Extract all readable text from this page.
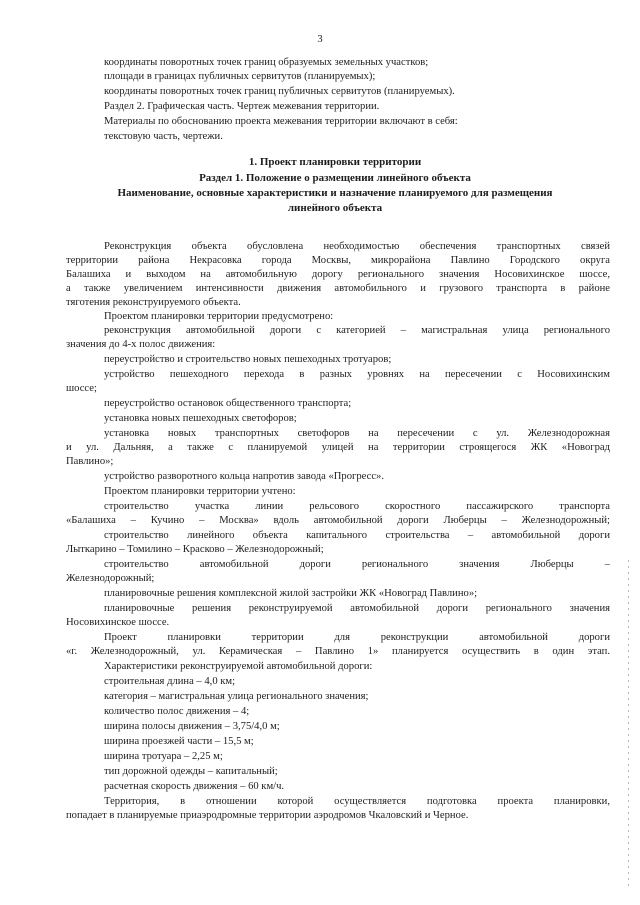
3
координаты поворотных точек границ образуемых земельных участков;
площади в границах публичных сервитутов (планируемых);
координаты поворотных точек границ публичных сервитутов (планируемых).
Раздел 2. Графическая часть. Чертеж межевания территории.
Материалы по обоснованию проекта межевания территории включают в себя:
текстовую часть, чертежи.
1. Проект планировки территории
Раздел 1. Положение о размещении линейного объекта
Наименование, основные характеристики и назначение планируемого для размещения
линейного объекта
Реконструкция объекта обусловлена необходимостью обеспечения транспортных связей
территории района Некрасовка города Москвы, микрорайона Павлино Городского округа
Балашиха и выходом на автомобильную дорогу регионального значения Носовихинское шоссе,
а также увеличением интенсивности движения автомобильного и грузового транспорта в районе
тяготения реконструируемого объекта.
Проектом планировки территории предусмотрено:
реконструкция автомобильной дороги с категорией – магистральная улица регионального
значения до 4-х полос движения:
переустройство и строительство новых пешеходных тротуаров;
устройство пешеходного перехода в разных уровнях на пересечении с Носовихинским
шоссе;
переустройство остановок общественного транспорта;
установка новых пешеходных светофоров;
установка новых транспортных светофоров на пересечении с ул. Железнодорожная
и ул. Дальняя, а также с планируемой улицей на территории строящегося ЖК «Новоград
Павлино»;
устройство разворотного кольца напротив завода «Прогресс».
Проектом планировки территории учтено:
строительство участка линии рельсового скоростного пассажирского транспорта
«Балашиха – Кучино – Москва» вдоль автомобильной дороги Люберцы – Железнодорожный;
строительство линейного объекта капитального строительства – автомобильной дороги
Лыткарино – Томилино – Красково – Железнодорожный;
строительство автомобильной дороги регионального значения Люберцы –
Железнодорожный;
планировочные решения комплексной жилой застройки ЖК «Новоград Павлино»;
планировочные решения реконструируемой автомобильной дороги регионального значения
Носовихинское шоссе.
Проект планировки территории для реконструкции автомобильной дороги
«г. Железнодорожный, ул. Керамическая – Павлино 1» планируется осуществить в один этап.
Характеристики реконструируемой автомобильной дороги:
строительная длина – 4,0 км;
категория – магистральная улица регионального значения;
количество полос движения – 4;
ширина полосы движения – 3,75/4,0 м;
ширина проезжей части – 15,5 м;
ширина тротуара – 2,25 м;
тип дорожной одежды – капитальный;
расчетная скорость движения – 60 км/ч.
Территория, в отношении которой осуществляется подготовка проекта планировки,
попадает в планируемые приаэродромные территории аэродромов Чкаловский и Черное.
